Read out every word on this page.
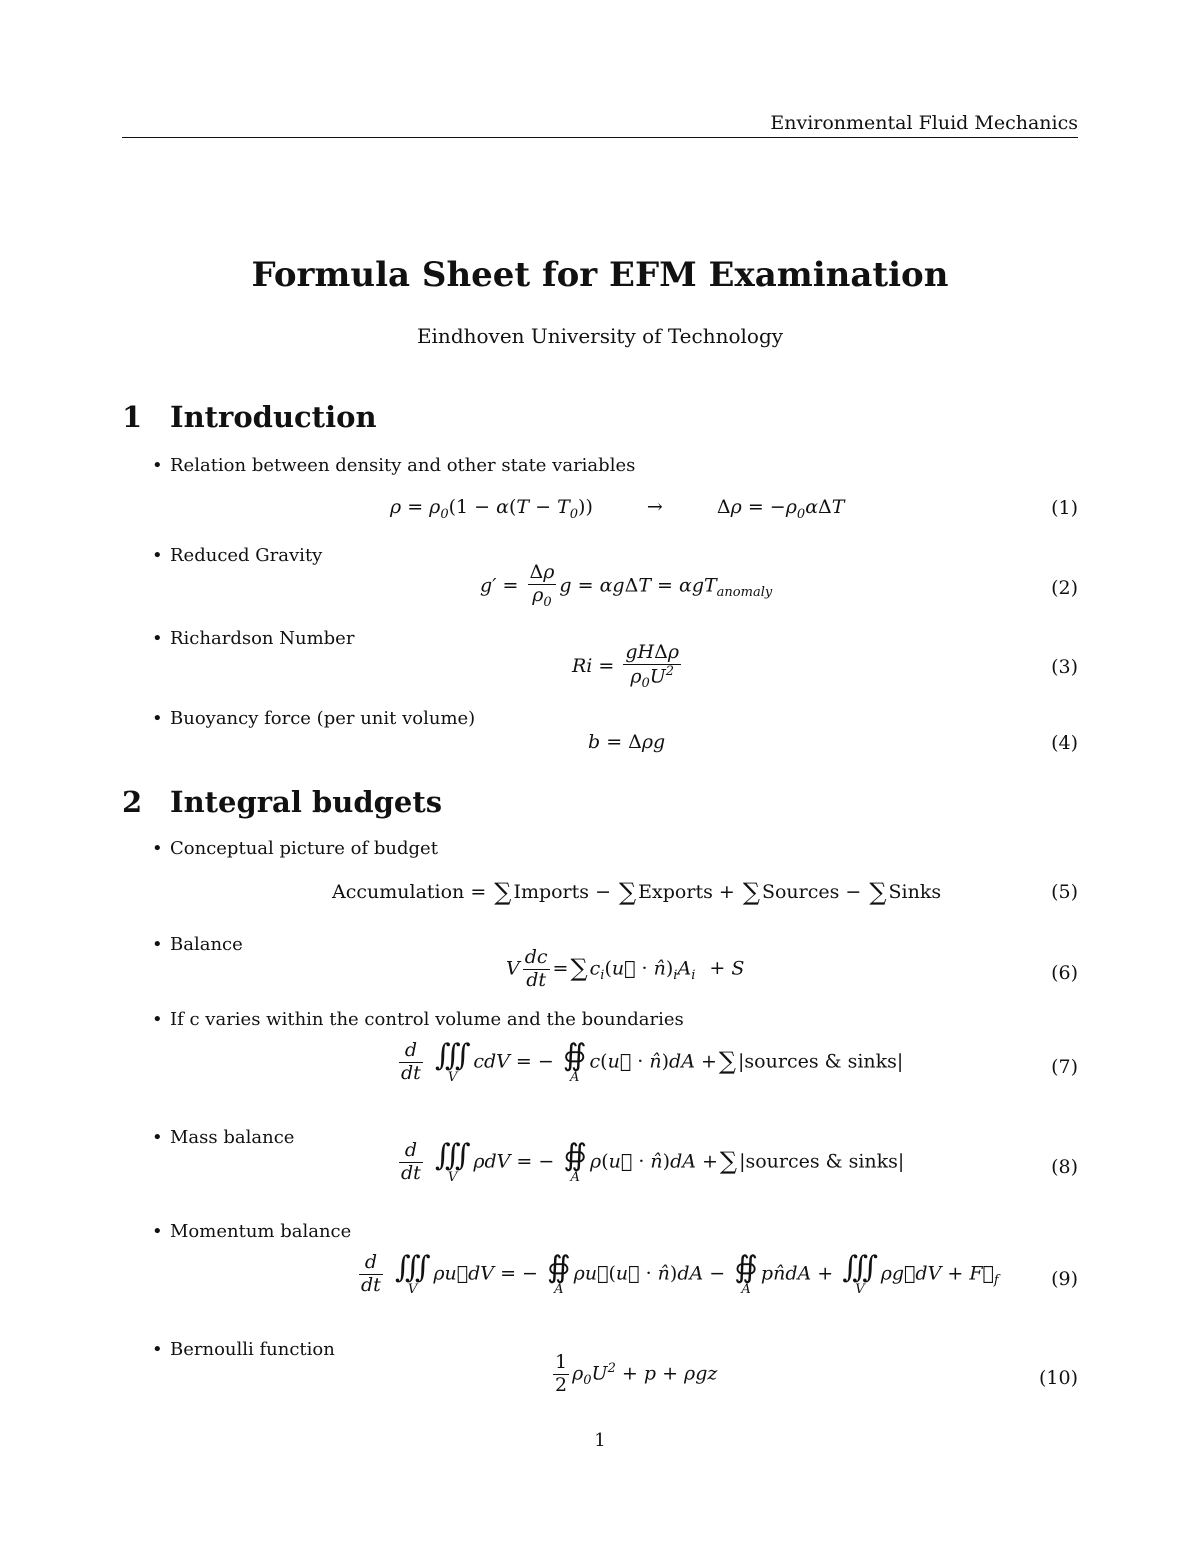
Environmental Fluid Mechanics
Formula Sheet for EFM Examination
Eindhoven University of Technology
1 Introduction
• Relation between density and other state variables
$\rho = \rho_0(1 - \alpha(T - T_0))$	→	$\Delta\rho = -\rho_0\alpha\Delta T$	(1)
• Reduced Gravity
$g' = \frac{\Delta\rho}{\rho_0}$ g = αgΔT = αgT$_{anomaly}$	(2)
• Richardson Number
$Ri = \frac{\text{gHΔρ}}{\rho_0U^2}$	(3)
• Buoyancy force (per unit volume)
b = Δρg	(4)
2 Integral budgets
• Conceptual picture of budget
Accumulation = ∑ Imports − ∑ Exports + ∑ Sources − ∑ Sinks	(5)
• Balance
V $\frac{dc}{dt}$ =∑ $c_i(u⃗$ · $n̂)_iA_i + S$	(6)
• If c varies within the control volume and the boundaries
$\frac{d}{dt}$
∭
V
cdV = − ∯
A
c(u⃗ · n̂)dA +∑ |sources & sinks|	(7)
• Mass balance
$\frac{d}{dt}$
∭
V
ρdV = − ∯
A
ρ(u⃗ · n̂)dA +∑ |sources & sinks|	(8)
• Momentum balance
$\frac{d}{dt}$
∭
V
ρu⃗dV = − ∯
A
ρu⃗(u⃗ · n̂)dA − ∯
A
pn̂dA + ∭
V
ρg⃗dV + $F⃗_f$	(9)
• Bernoulli function
$\frac{1}{2} \rho_0U^2 + p + \rho gz$	(10)
1
